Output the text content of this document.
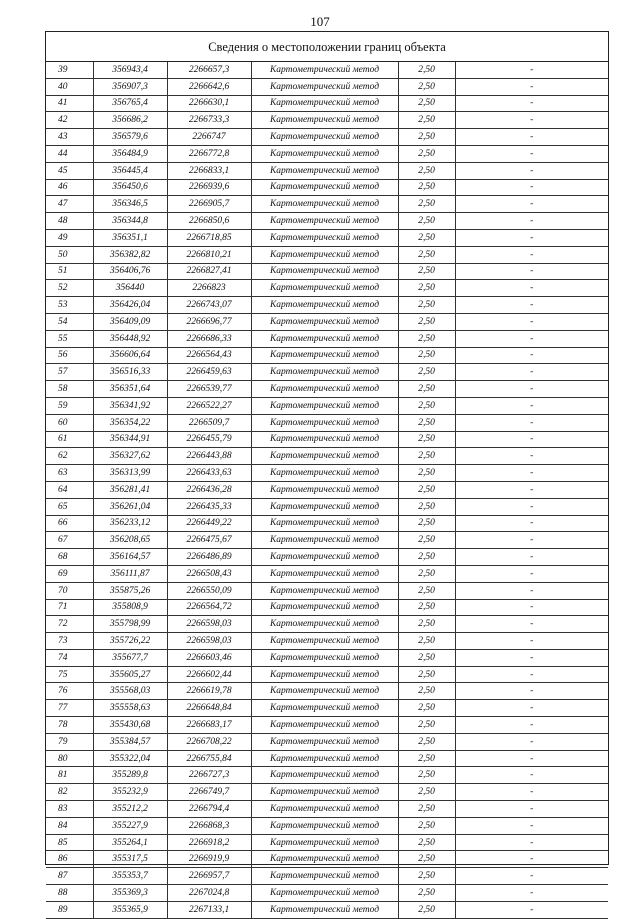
107
Сведения о местоположении границ объекта
39	356943,4	2266657,3	Картометрический метод	2,50	-
40	356907,3	2266642,6	Картометрический метод	2,50	-
41	356765,4	2266630,1	Картометрический метод	2,50	-
42	356686,2	2266733,3	Картометрический метод	2,50	-
43	356579,6	2266747	Картометрический метод	2,50	-
44	356484,9	2266772,8	Картометрический метод	2,50	-
45	356445,4	2266833,1	Картометрический метод	2,50	-
46	356450,6	2266939,6	Картометрический метод	2,50	-
47	356346,5	2266905,7	Картометрический метод	2,50	-
48	356344,8	2266850,6	Картометрический метод	2,50	-
49	356351,1	2266718,85	Картометрический метод	2,50	-
50	356382,82	2266810,21	Картометрический метод	2,50	-
51	356406,76	2266827,41	Картометрический метод	2,50	-
52	356440	2266823	Картометрический метод	2,50	-
53	356426,04	2266743,07	Картометрический метод	2,50	-
54	356409,09	2266696,77	Картометрический метод	2,50	-
55	356448,92	2266686,33	Картометрический метод	2,50	-
56	356606,64	2266564,43	Картометрический метод	2,50	-
57	356516,33	2266459,63	Картометрический метод	2,50	-
58	356351,64	2266539,77	Картометрический метод	2,50	-
59	356341,92	2266522,27	Картометрический метод	2,50	-
60	356354,22	2266509,7	Картометрический метод	2,50	-
61	356344,91	2266455,79	Картометрический метод	2,50	-
62	356327,62	2266443,88	Картометрический метод	2,50	-
63	356313,99	2266433,63	Картометрический метод	2,50	-
64	356281,41	2266436,28	Картометрический метод	2,50	-
65	356261,04	2266435,33	Картометрический метод	2,50	-
66	356233,12	2266449,22	Картометрический метод	2,50	-
67	356208,65	2266475,67	Картометрический метод	2,50	-
68	356164,57	2266486,89	Картометрический метод	2,50	-
69	356111,87	2266508,43	Картометрический метод	2,50	-
70	355875,26	2266550,09	Картометрический метод	2,50	-
71	355808,9	2266564,72	Картометрический метод	2,50	-
72	355798,99	2266598,03	Картометрический метод	2,50	-
73	355726,22	2266598,03	Картометрический метод	2,50	-
74	355677,7	2266603,46	Картометрический метод	2,50	-
75	355605,27	2266602,44	Картометрический метод	2,50	-
76	355568,03	2266619,78	Картометрический метод	2,50	-
77	355558,63	2266648,84	Картометрический метод	2,50	-
78	355430,68	2266683,17	Картометрический метод	2,50	-
79	355384,57	2266708,22	Картометрический метод	2,50	-
80	355322,04	2266755,84	Картометрический метод	2,50	-
81	355289,8	2266727,3	Картометрический метод	2,50	-
82	355232,9	2266749,7	Картометрический метод	2,50	-
83	355212,2	2266794,4	Картометрический метод	2,50	-
84	355227,9	2266868,3	Картометрический метод	2,50	-
85	355264,1	2266918,2	Картометрический метод	2,50	-
86	355317,5	2266919,9	Картометрический метод	2,50	-
87	355353,7	2266957,7	Картометрический метод	2,50	-
88	355369,3	2267024,8	Картометрический метод	2,50	-
89	355365,9	2267133,1	Картометрический метод	2,50	-
